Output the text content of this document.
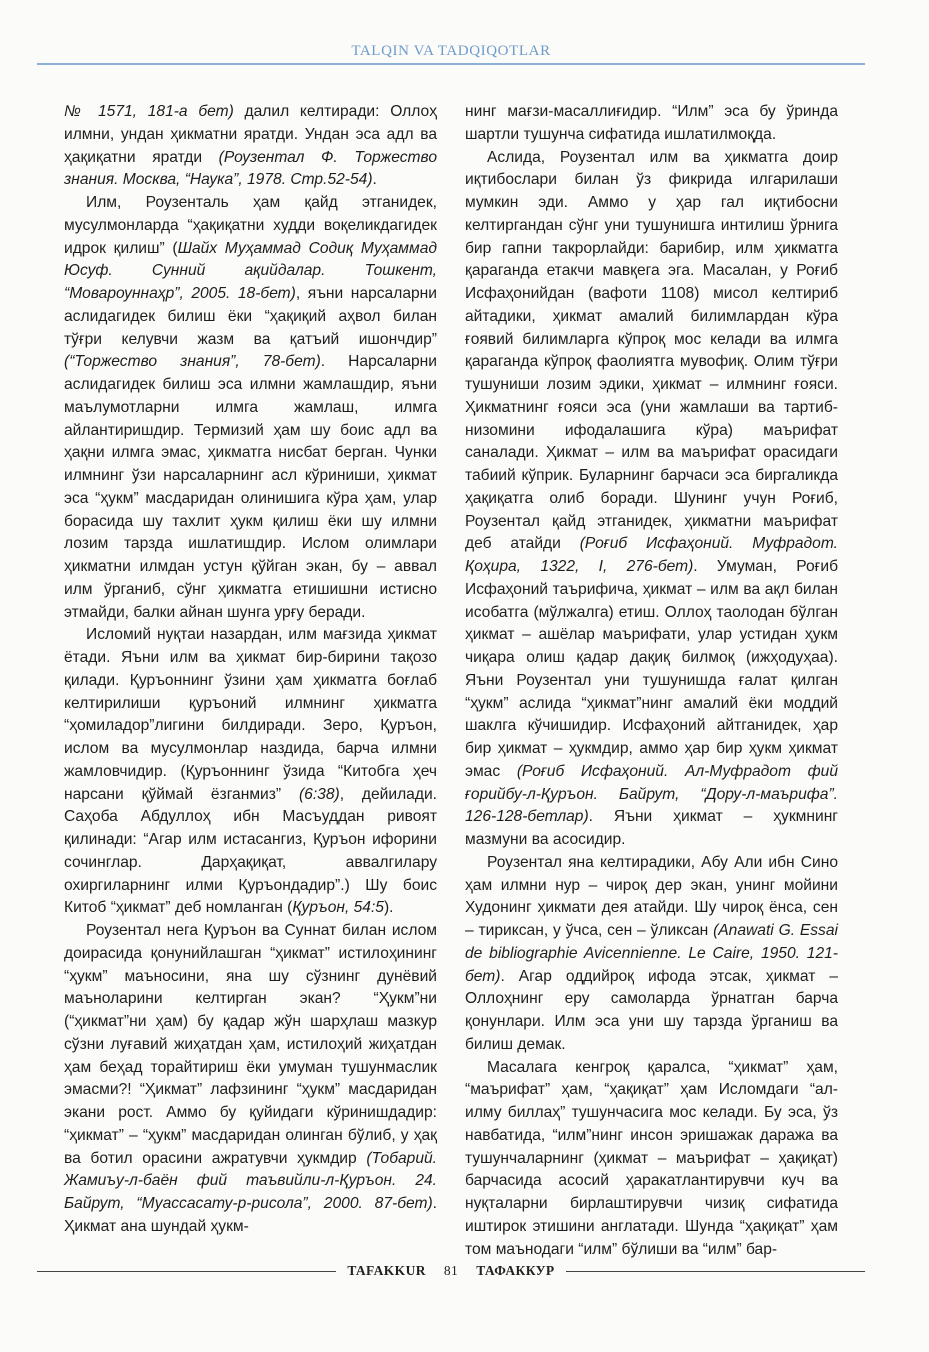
TALQIN VA TADQIQOTLAR

№ 1571, 181-а бет) далил келтиради: Оллоҳ илмни, ундан ҳикматни яратди. Ундан эса адл ва ҳақиқатни яратди (Роузентал Ф. Торжество знания. Москва, “Наука”, 1978. Стр.52-54).

Илм, Роузенталь ҳам қайд этганидек, мусулмонларда “ҳақиқатни худди воқеликдагидек идрок қилиш” (Шайх Муҳаммад Содиқ Муҳаммад Юсуф. Сунний ақийдалар. Тошкент, “Мовароуннаҳр”, 2005. 18-бет), яъни нарсаларни аслидагидек билиш ёки “ҳақиқий аҳвол билан тўғри келувчи жазм ва қатъий ишончдир” (“Торжество знания”, 78-бет). Нарсаларни аслидагидек билиш эса илмни жамлашдир, яъни маълумотларни илмга жамлаш, илмга айлантиришдир. Термизий ҳам шу боис адл ва ҳақни илмга эмас, ҳикматга нисбат берган. Чунки илмнинг ўзи нарсаларнинг асл кўриниши, ҳикмат эса “ҳукм” масдаридан олинишига кўра ҳам, улар борасида шу тахлит ҳукм қилиш ёки шу илмни лозим тарзда ишлатишдир. Ислом олимлари ҳикматни илмдан устун қўйган экан, бу – аввал илм ўрганиб, сўнг ҳикматга етишишни истисно этмайди, балки айнан шунга урғу беради.

Исломий нуқтаи назардан, илм мағзида ҳикмат ётади. Яъни илм ва ҳикмат бир-бирини тақозо қилади. Қуръоннинг ўзини ҳам ҳикматга боғлаб келтирилиши қуръоний илмнинг ҳикматга “ҳомиладор”лигини билдиради. Зеро, Қуръон, ислом ва мусулмонлар наздида, барча илмни жамловчидир. (Қуръоннинг ўзида “Китобга ҳеч нарсани қўймай ёзганмиз” (6:38), дейилади. Саҳоба Абдуллоҳ ибн Масъуддан ривоят қилинади: “Агар илм истасангиз, Қуръон ифорини сочинглар. Дарҳақиқат, аввалгилару охиргиларнинг илми Қуръондадир”.) Шу боис Китоб “ҳикмат” деб номланган (Қуръон, 54:5).

Роузентал нега Қуръон ва Суннат билан ислом доирасида қонунийлашган “ҳикмат” истилоҳининг “ҳукм” маъносини, яна шу сўзнинг дунёвий маъноларини келтирган экан? “Ҳукм”ни (“ҳикмат”ни ҳам) бу қадар жўн шарҳлаш мазкур сўзни луғавий жиҳатдан ҳам, истилоҳий жиҳатдан ҳам беҳад торайтириш ёки умуман тушунмаслик эмасми?! “Ҳикмат” лафзининг “ҳукм” масдаридан экани рост. Аммо бу қуйидаги кўринишдадир: “ҳикмат” – “ҳукм” масдаридан олинган бўлиб, у ҳақ ва ботил орасини ажратувчи ҳукмдир (Тобарий. Жамиъу-л-баён фий таъвийли-л-Қуръон. 24. Байрут, “Муассасату-р-рисола”, 2000. 87-бет). Ҳикмат ана шундай ҳукм-

нинг мағзи-масаллиғидир. “Илм” эса бу ўринда шартли тушунча сифатида ишлатилмоқда.

Аслида, Роузентал илм ва ҳикматга доир иқтибослари билан ўз фикрида илгарилаши мумкин эди. Аммо у ҳар гал иқтибосни келтиргандан сўнг уни тушунишга интилиш ўрнига бир гапни такрорлайди: барибир, илм ҳикматга қараганда етакчи мавқега эга. Масалан, у Роғиб Исфаҳонийдан (вафоти 1108) мисол келтириб айтадики, ҳикмат амалий билимлардан кўра ғоявий билимларга кўпроқ мос келади ва илмга қараганда кўпроқ фаолиятга мувофиқ. Олим тўғри тушуниши лозим эдики, ҳикмат – илмнинг ғояси. Ҳикматнинг ғояси эса (уни жамлаши ва тартиб-низомини ифодалашига кўра) маърифат саналади. Ҳикмат – илм ва маърифат орасидаги табиий кўприк. Буларнинг барчаси эса биргаликда ҳақиқатга олиб боради. Шунинг учун Роғиб, Роузентал қайд этганидек, ҳикматни маърифат деб атайди (Роғиб Исфаҳоний. Муфрадот. Қоҳира, 1322, I, 276-бет). Умуман, Роғиб Исфаҳоний таърифича, ҳикмат – илм ва ақл билан исобатга (мўлжалга) етиш. Оллоҳ таолодан бўлган ҳикмат – ашёлар маърифати, улар устидан ҳукм чиқара олиш қадар дақиқ билмоқ (ижҳодуҳаа). Яъни Роузентал уни тушунишда ғалат қилган “ҳукм” аслида “ҳикмат”нинг амалий ёки моддий шаклга кўчишидир. Исфаҳоний айтганидек, ҳар бир ҳикмат – ҳукмдир, аммо ҳар бир ҳукм ҳикмат эмас (Роғиб Исфаҳоний. Ал-Муфрадот фий ғорийбу-л-Қуръон. Байрут, “Дору-л-маърифа”. 126-128-бетлар). Яъни ҳикмат – ҳукмнинг мазмуни ва асосидир.

Роузентал яна келтирадики, Абу Али ибн Сино ҳам илмни нур – чироқ дер экан, унинг мойини Худонинг ҳикмати дея атайди. Шу чироқ ёнса, сен – тириксан, у ўчса, сен – ўликсан (Anawati G. Essai de bibliographie Avicennienne. Le Caire, 1950. 121-бет). Агар оддийроқ ифода этсак, ҳикмат – Оллоҳнинг еру самоларда ўрнатган барча қонунлари. Илм эса уни шу тарзда ўрганиш ва билиш демак.

Масалага кенгроқ қаралса, “ҳикмат” ҳам, “маърифат” ҳам, “ҳақиқат” ҳам Исломдаги “ал-илму биллаҳ” тушунчасига мос келади. Бу эса, ўз навбатида, “илм”нинг инсон эришажак даража ва тушунчаларнинг (ҳикмат – маърифат – ҳақиқат) барчасида асосий ҳаракатлантирувчи куч ва нуқталарни бирлаштирувчи чизиқ сифатида иштирок этишини англатади. Шунда “ҳақиқат” ҳам том маънодаги “илм” бўлиши ва “илм” бар-

TAFAKKUR 81 ТАФАККУР
